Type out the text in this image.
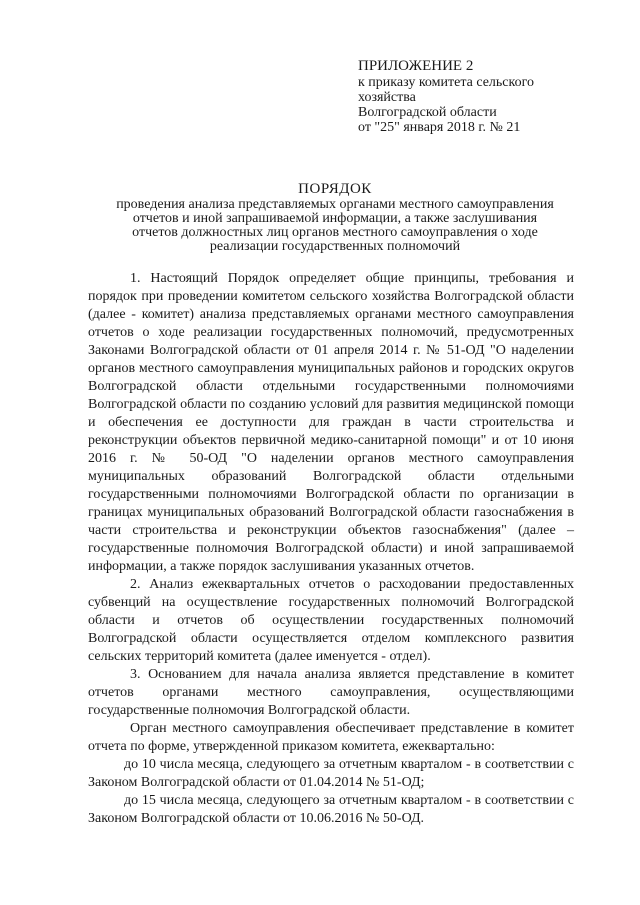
ПРИЛОЖЕНИЕ 2
к приказу комитета сельского
хозяйства
Волгоградской области
от "25" января 2018 г. № 21
ПОРЯДОК
проведения анализа представляемых органами местного самоуправления
отчетов и иной запрашиваемой информации, а также заслушивания
отчетов должностных лиц органов местного самоуправления о ходе
реализации государственных полномочий

1. Настоящий Порядок определяет общие принципы, требования и порядок при проведении комитетом сельского хозяйства Волгоградской области (далее - комитет) анализа представляемых органами местного самоуправления отчетов о ходе реализации государственных полномочий, предусмотренных Законами Волгоградской области от 01 апреля 2014 г. № 51-ОД "О наделении органов местного самоуправления муниципальных районов и городских округов Волгоградской области отдельными государственными полномочиями Волгоградской области по созданию условий для развития медицинской помощи и обеспечения ее доступности для граждан в части строительства и реконструкции объектов первичной медико-санитарной помощи" и от 10 июня 2016 г. № 50-ОД "О наделении органов местного самоуправления муниципальных образований Волгоградской области отдельными государственными полномочиями Волгоградской области по организации в границах муниципальных образований Волгоградской области газоснабжения в части строительства и реконструкции объектов газоснабжения" (далее – государственные полномочия Волгоградской области) и иной запрашиваемой информации, а также порядок заслушивания указанных отчетов.

2. Анализ ежеквартальных отчетов о расходовании предоставленных субвенций на осуществление государственных полномочий Волгоградской области и отчетов об осуществлении государственных полномочий Волгоградской области осуществляется отделом комплексного развития сельских территорий комитета (далее именуется - отдел).

3. Основанием для начала анализа является представление в комитет отчетов органами местного самоуправления, осуществляющими государственные полномочия Волгоградской области.

Орган местного самоуправления обеспечивает представление в комитет отчета по форме, утвержденной приказом комитета, ежеквартально:

до 10 числа месяца, следующего за отчетным кварталом - в соответствии с Законом Волгоградской области от 01.04.2014 № 51-ОД;

до 15 числа месяца, следующего за отчетным кварталом - в соответствии с Законом Волгоградской области от 10.06.2016 № 50-ОД.
